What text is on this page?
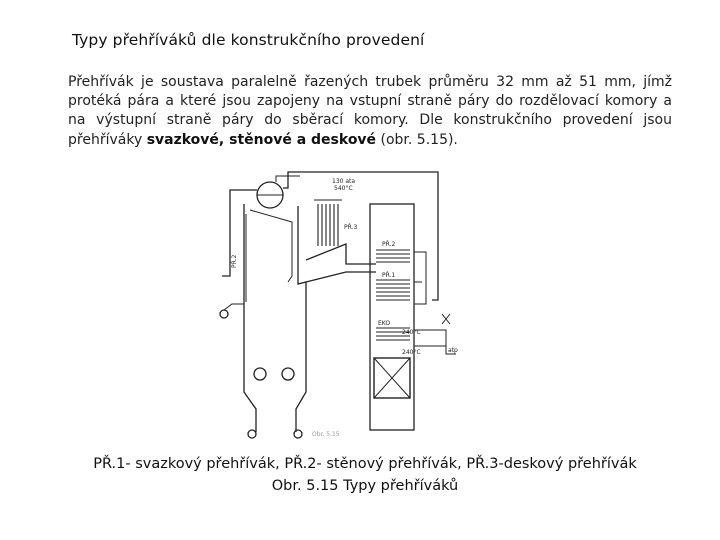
Typy přehříváků dle konstrukčního provedení
Přehřívák je soustava paralelně řazených trubek průměru 32 mm až 51 mm, jímž protéká pára a které jsou zapojeny na vstupní straně páry do rozdělovací komory a na výstupní straně páry do sběrací komory. Dle konstrukčního provedení jsou přehříváky svazkové, stěnové a deskové (obr. 5.15).
130 ata
540°C
PŘ.3
PŘ.2
PŘ.1
EKO
240°C
240°C	atp
Obr. 5.15
PŘ.2
PŘ.1- svazkový přehřívák, PŘ.2- stěnový přehřívák, PŘ.3-deskový přehřívák
Obr. 5.15 Typy přehříváků
